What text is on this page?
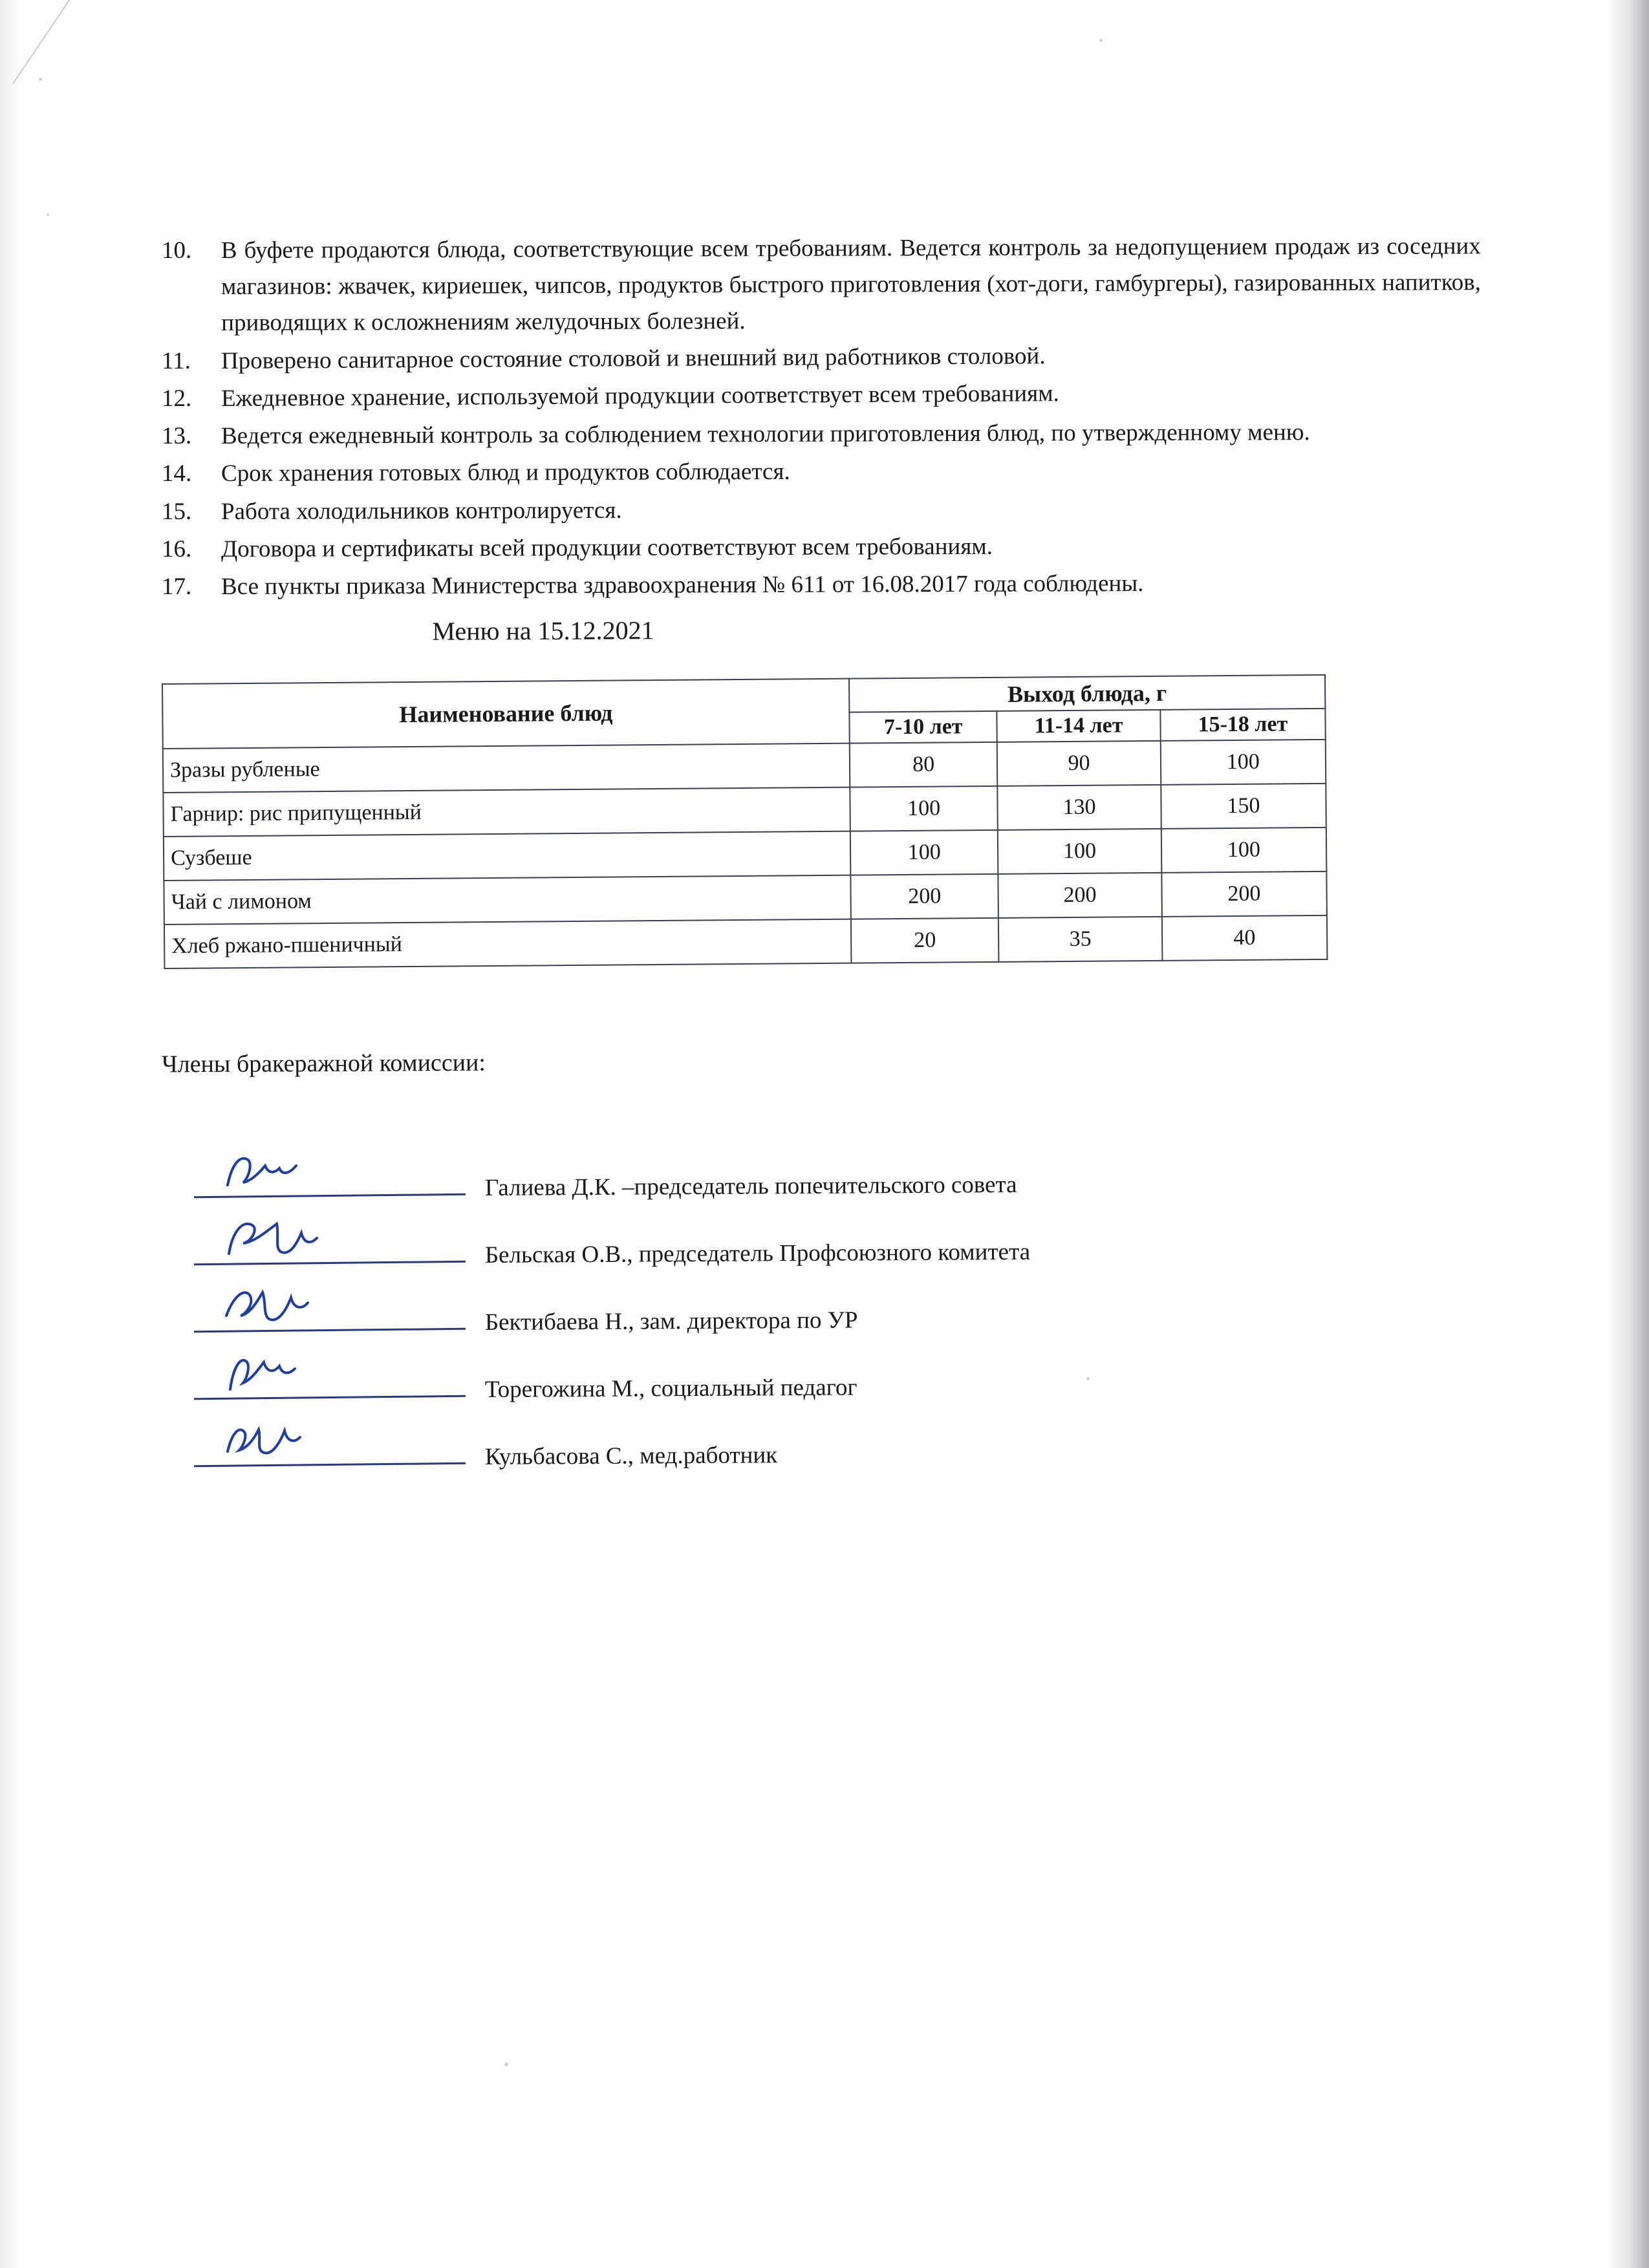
10.	В буфете продаются блюда, соответствующие всем требованиям. Ведется контроль за недопущением продаж из соседних магазинов: жвачек, кириешек, чипсов, продуктов быстрого приготовления (хот-доги, гамбургеры), газированных напитков, приводящих к осложнениям желудочных болезней.
11.	Проверено санитарное состояние столовой и внешний вид работников столовой.
12.	Ежедневное хранение, используемой продукции соответствует всем требованиям.
13.	Ведется ежедневный контроль за соблюдением технологии приготовления блюд, по утвержденному меню.
14.	Срок хранения готовых блюд и продуктов соблюдается.
15.	Работа холодильников контролируется.
16.	Договора и сертификаты всей продукции соответствуют всем требованиям.
17.	Все пункты приказа Министерства здравоохранения № 611 от 16.08.2017 года соблюдены.
Меню на 15.12.2021
Наименование блюд	Выход блюда, г		
	7-10 лет	11-14 лет	15-18 лет
Зразы рубленые	80	90	100
Гарнир: рис припущенный	100	130	150
Сузбеше	100	100	100
Чай с лимоном	200	200	200
Хлеб ржано-пшеничный	20	35	40
Члены бракеражной комиссии:
Галиева Д.К. –председатель попечительского совета
Бельская О.В., председатель Профсоюзного комитета
Бектибаева Н., зам. директора по УР
Торегожина М., социальный педагог
Кульбасова С., мед.работник
